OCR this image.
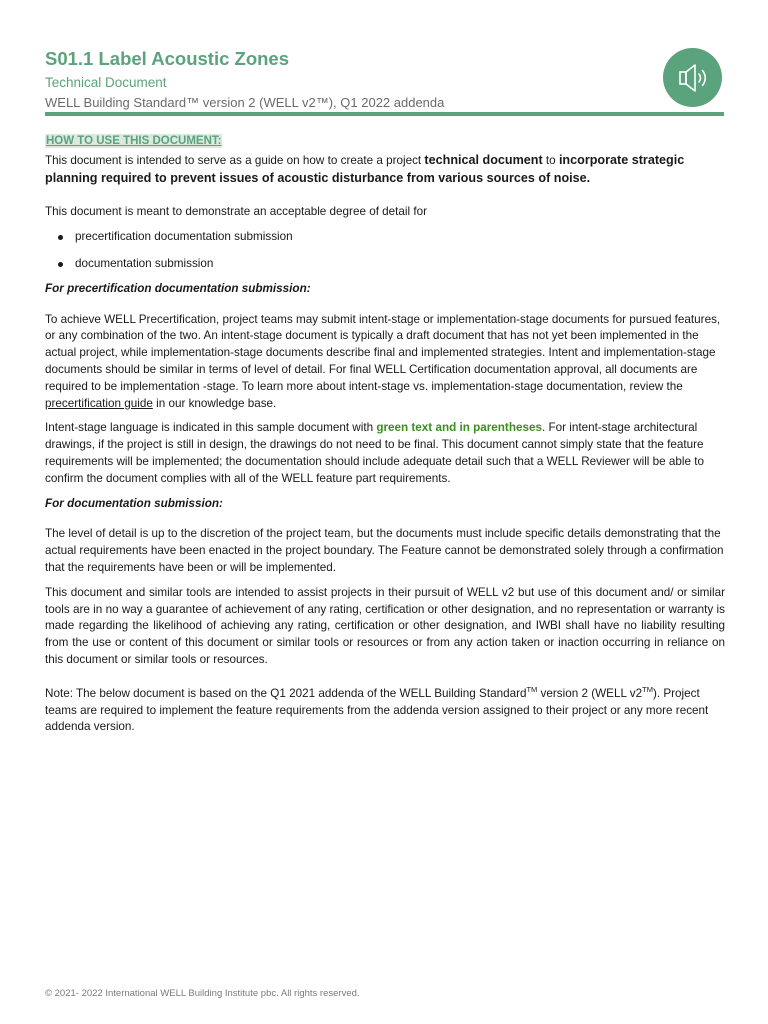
S01.1 Label Acoustic Zones
Technical Document
WELL Building Standard™ version 2 (WELL v2™), Q1 2022 addenda
HOW TO USE THIS DOCUMENT:

This document is intended to serve as a guide on how to create a project technical document to incorporate strategic planning required to prevent issues of acoustic disturbance from various sources of noise.

This document is meant to demonstrate an acceptable degree of detail for

precertification documentation submission
documentation submission

For precertification documentation submission:

To achieve WELL Precertification, project teams may submit intent-stage or implementation-stage documents for pursued features, or any combination of the two. An intent-stage document is typically a draft document that has not yet been implemented in the actual project, while implementation-stage documents describe final and implemented strategies. Intent and implementation-stage documents should be similar in terms of level of detail. For final WELL Certification documentation approval, all documents are required to be implementation -stage. To learn more about intent-stage vs. implementation-stage documentation, review the precertification guide in our knowledge base.

Intent-stage language is indicated in this sample document with green text and in parentheses. For intent-stage architectural drawings, if the project is still in design, the drawings do not need to be final. This document cannot simply state that the feature requirements will be implemented; the documentation should include adequate detail such that a WELL Reviewer will be able to confirm the document complies with all of the WELL feature part requirements.

For documentation submission:

The level of detail is up to the discretion of the project team, but the documents must include specific details demonstrating that the actual requirements have been enacted in the project boundary. The Feature cannot be demonstrated solely through a confirmation that the requirements have been or will be implemented.

This document and similar tools are intended to assist projects in their pursuit of WELL v2 but use of this document and/ or similar tools are in no way a guarantee of achievement of any rating, certification or other designation, and no representation or warranty is made regarding the likelihood of achieving any rating, certification or other designation, and IWBI shall have no liability resulting from the use or content of this document or similar tools or resources or from any action taken or inaction occurring in reliance on this document or similar tools or resources.

Note: The below document is based on the Q1 2021 addenda of the WELL Building Standard™ version 2 (WELL v2™). Project teams are required to implement the feature requirements from the addenda version assigned to their project or any more recent addenda version.

© 2021- 2022 International WELL Building Institute pbc. All rights reserved.
